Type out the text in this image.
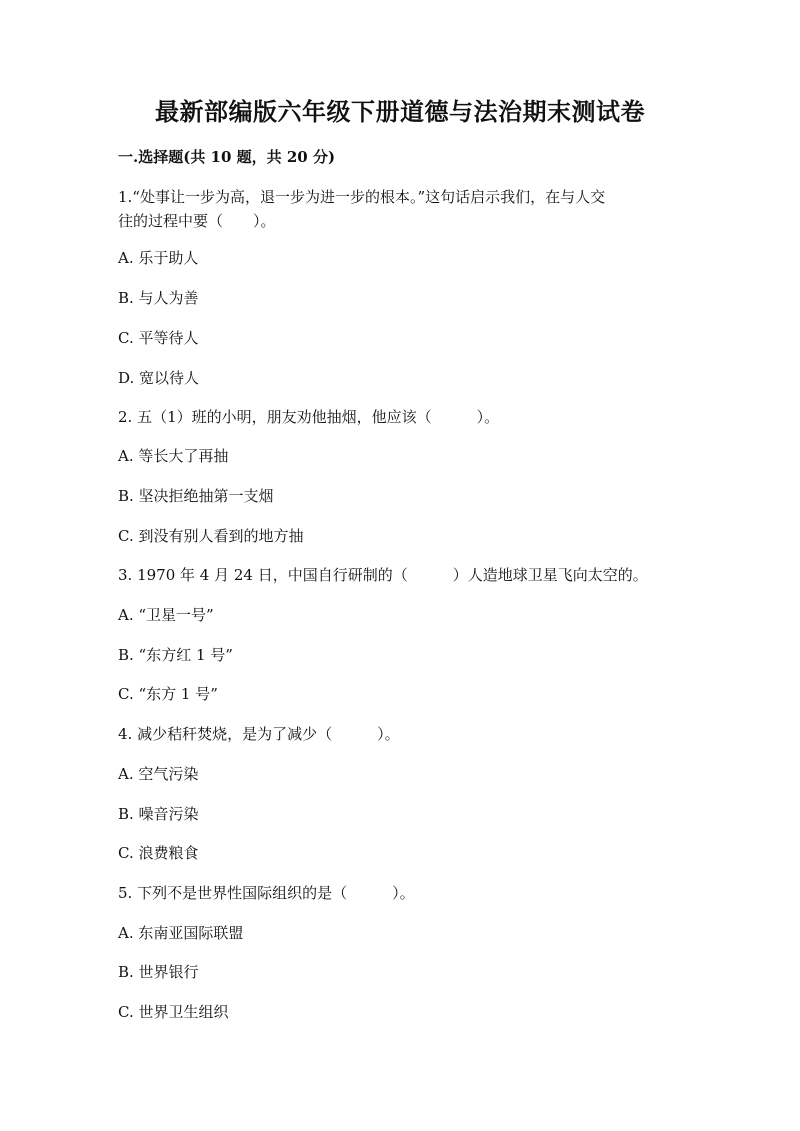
最新部编版六年级下册道德与法治期末测试卷
一.选择题(共 10 题，共 20 分)
1.“处事让一步为高，退一步为进一步的根本。”这句话启示我们，在与人交
往的过程中要（　　）。
A. 乐于助人
B. 与人为善
C. 平等待人
D. 宽以待人
2. 五（1）班的小明，朋友劝他抽烟，他应该（　　　）。
A. 等长大了再抽
B. 坚决拒绝抽第一支烟
C. 到没有别人看到的地方抽
3. 1970 年 4 月 24 日，中国自行研制的（　　　）人造地球卫星飞向太空的。
A. “卫星一号”
B. “东方红 1 号”
C. “东方 1 号”
4. 减少秸秆焚烧，是为了减少（　　　）。
A. 空气污染
B. 噪音污染
C. 浪费粮食
5. 下列不是世界性国际组织的是（　　　）。
A. 东南亚国际联盟
B. 世界银行
C. 世界卫生组织
